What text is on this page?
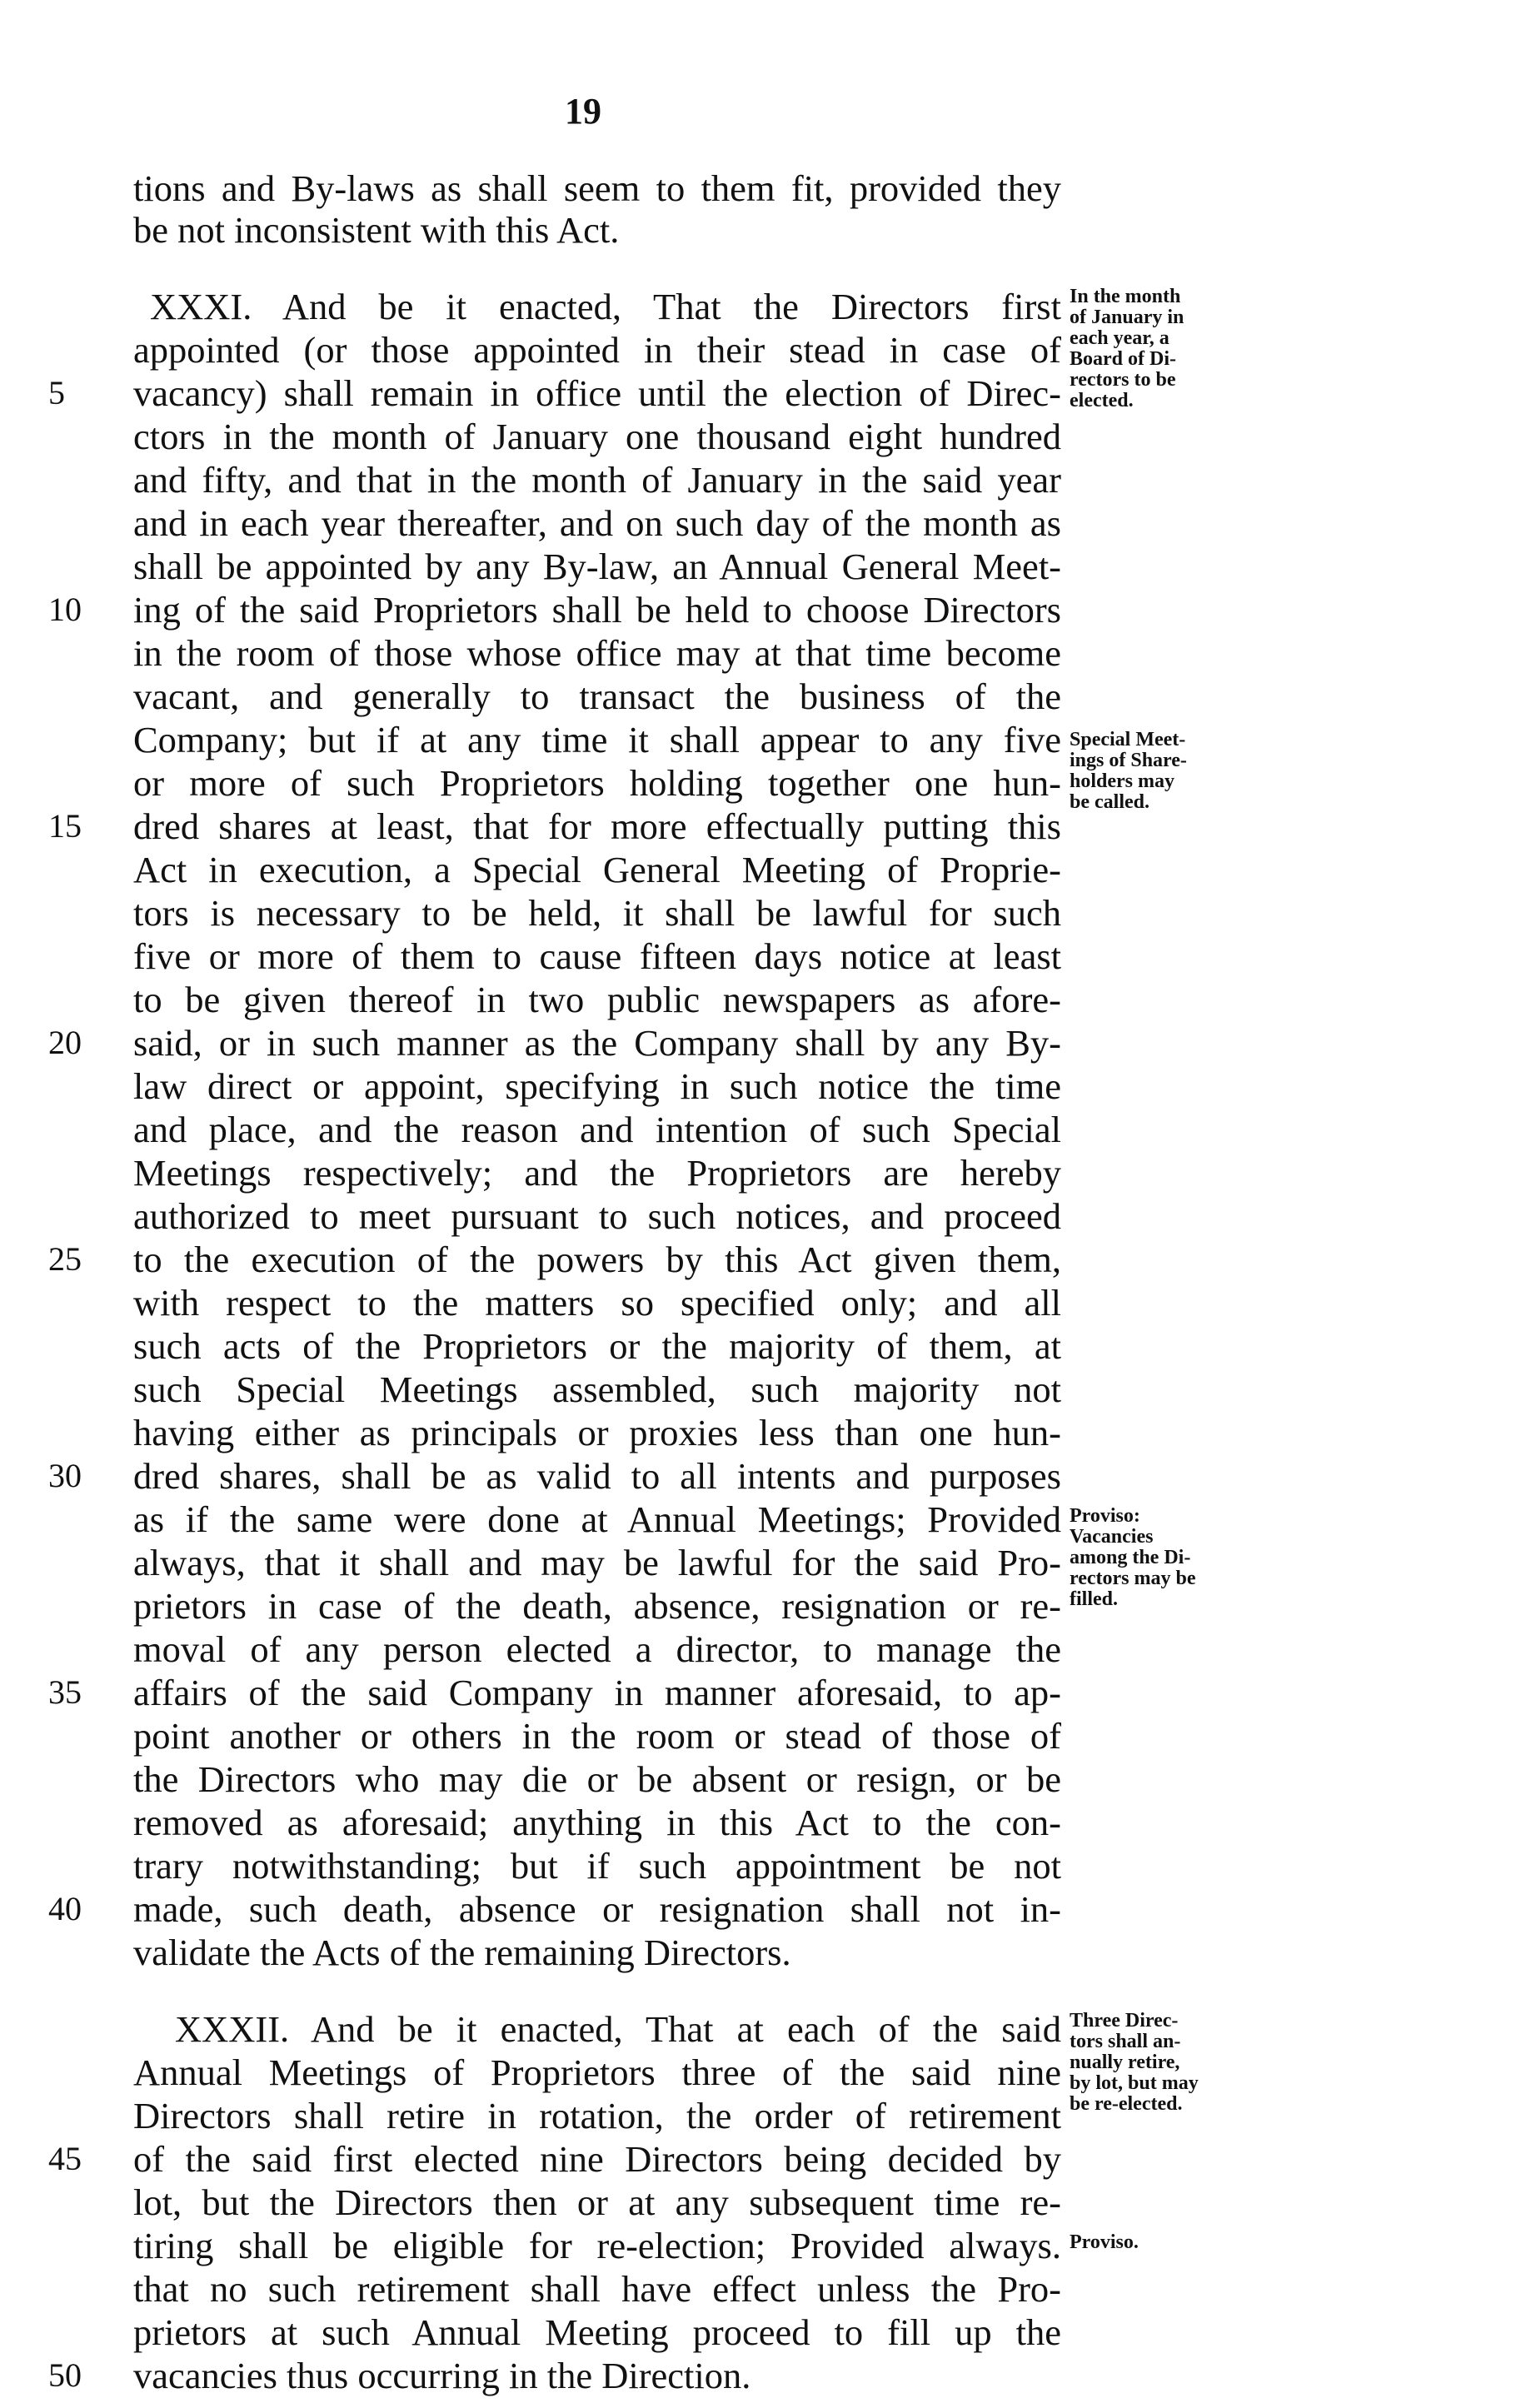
19
tions and By-laws as shall seem to them fit, provided they
be not inconsistent with this Act.
XXXI. And be it enacted, That the Directors first
appointed (or those appointed in their stead in case of
vacancy) shall remain in office until the election of Direc-
5
ctors in the month of January one thousand eight hundred
and fifty, and that in the month of January in the said year
and in each year thereafter, and on such day of the month as
shall be appointed by any By-law, an Annual General Meet-
ing of the said Proprietors shall be held to choose Directors
10
in the room of those whose office may at that time become
vacant, and generally to transact the business of the
Company; but if at any time it shall appear to any five
or more of such Proprietors holding together one hun-
dred shares at least, that for more effectually putting this
15
Act in execution, a Special General Meeting of Proprie-
tors is necessary to be held, it shall be lawful for such
five or more of them to cause fifteen days notice at least
to be given thereof in two public newspapers as afore-
said, or in such manner as the Company shall by any By-
20
law direct or appoint, specifying in such notice the time
and place, and the reason and intention of such Special
Meetings respectively; and the Proprietors are hereby
authorized to meet pursuant to such notices, and proceed
to the execution of the powers by this Act given them,
25
with respect to the matters so specified only; and all
such acts of the Proprietors or the majority of them, at
such Special Meetings assembled, such majority not
having either as principals or proxies less than one hun-
dred shares, shall be as valid to all intents and purposes
30
as if the same were done at Annual Meetings; Provided
always, that it shall and may be lawful for the said Pro-
prietors in case of the death, absence, resignation or re-
moval of any person elected a director, to manage the
affairs of the said Company in manner aforesaid, to ap-
35
point another or others in the room or stead of those of
the Directors who may die or be absent or resign, or be
removed as aforesaid; anything in this Act to the con-
trary notwithstanding; but if such appointment be not
made, such death, absence or resignation shall not in-
40
validate the Acts of the remaining Directors.
XXXII. And be it enacted, That at each of the said
Annual Meetings of Proprietors three of the said nine
Directors shall retire in rotation, the order of retirement
of the said first elected nine Directors being decided by
45
lot, but the Directors then or at any subsequent time re-
tiring shall be eligible for re-election; Provided always.
that no such retirement shall have effect unless the Pro-
prietors at such Annual Meeting proceed to fill up the
vacancies thus occurring in the Direction.
50
In the month
of January in
each year, a
Board of Di-
rectors to be
elected.
Special Meet-
ings of Share-
holders may
be called.
Proviso:
Vacancies
among the Di-
rectors may be
filled.
Three Direc-
tors shall an-
nually retire,
by lot, but may
be re-elected.
Proviso.
